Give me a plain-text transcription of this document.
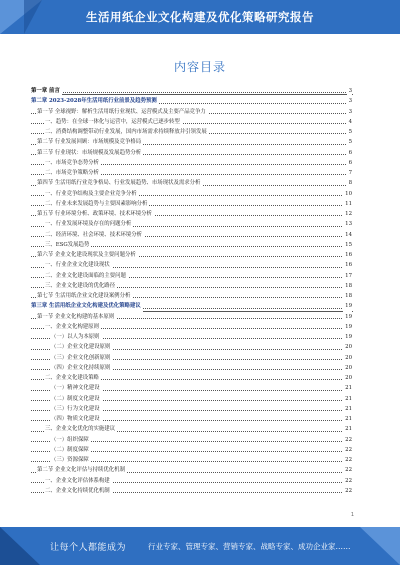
生活用纸企业文化构建及优化策略研究报告
内容目录
第一章 前言	3
第二章 2023-2028年生活用纸行业前景及趋势预测	3
第一节 全球视野：解析生活用纸行业现状、运营模式及主要产品竞争力	3
一、趋势：在全球一体化与运营中，运营模式已逐步转型	4
二、消费结构调整带动行业发展，国内市场需求持续释放并引领发展	5
第二节 行业发展回顾：市场规模及竞争格局	5
第三节 行业现状：市场规模及发展趋势分析	6
一、市场竞争态势分析	6
二、市场竞争策略分析	7
第四节 生活用纸行业竞争格局、行业发展趋势、市场现状及需求分析	8
一、行业竞争结构及主要企业竞争分析	10
二、行业未来发展趋势与主要因素影响分析	11
第五节 行业环境分析、政策环境、技术环境分析	12
一、行业发展环境及存在的问题分析	13
二、经济环境、社会环境、技术环境分析	14
三、ESG发展趋势	15
第六节 企业文化建设现状及主要问题分析	16
一、行业企业文化建设现状	16
二、企业文化建设面临的主要问题	17
三、企业文化建设的优化路径	18
第七节 生活用纸企业文化建设案例分析	18
第三章 生活用纸企业文化构建及优化策略建议	19
第一节 企业文化构建的基本原则	19
一、企业文化构建原则	19
（一）以人为本原则	19
（二）企业文化建设原则	20
（三）企业文化创新原则	20
（四）企业文化持续原则	20
二、企业文化建设策略	20
（一）精神文化建设	21
（二）制度文化建设	21
（三）行为文化建设	21
（四）物质文化建设	21
三、企业文化优化的实施建议	21
（一）组织保障	22
（二）制度保障	22
（三）资源保障	22
第二节 企业文化评估与持续优化机制	22
一、企业文化评估体系构建	22
二、企业文化持续优化机制	22
1
让每个人都能成为	行业专家、管理专家、营销专家、战略专家、成功企业家……
